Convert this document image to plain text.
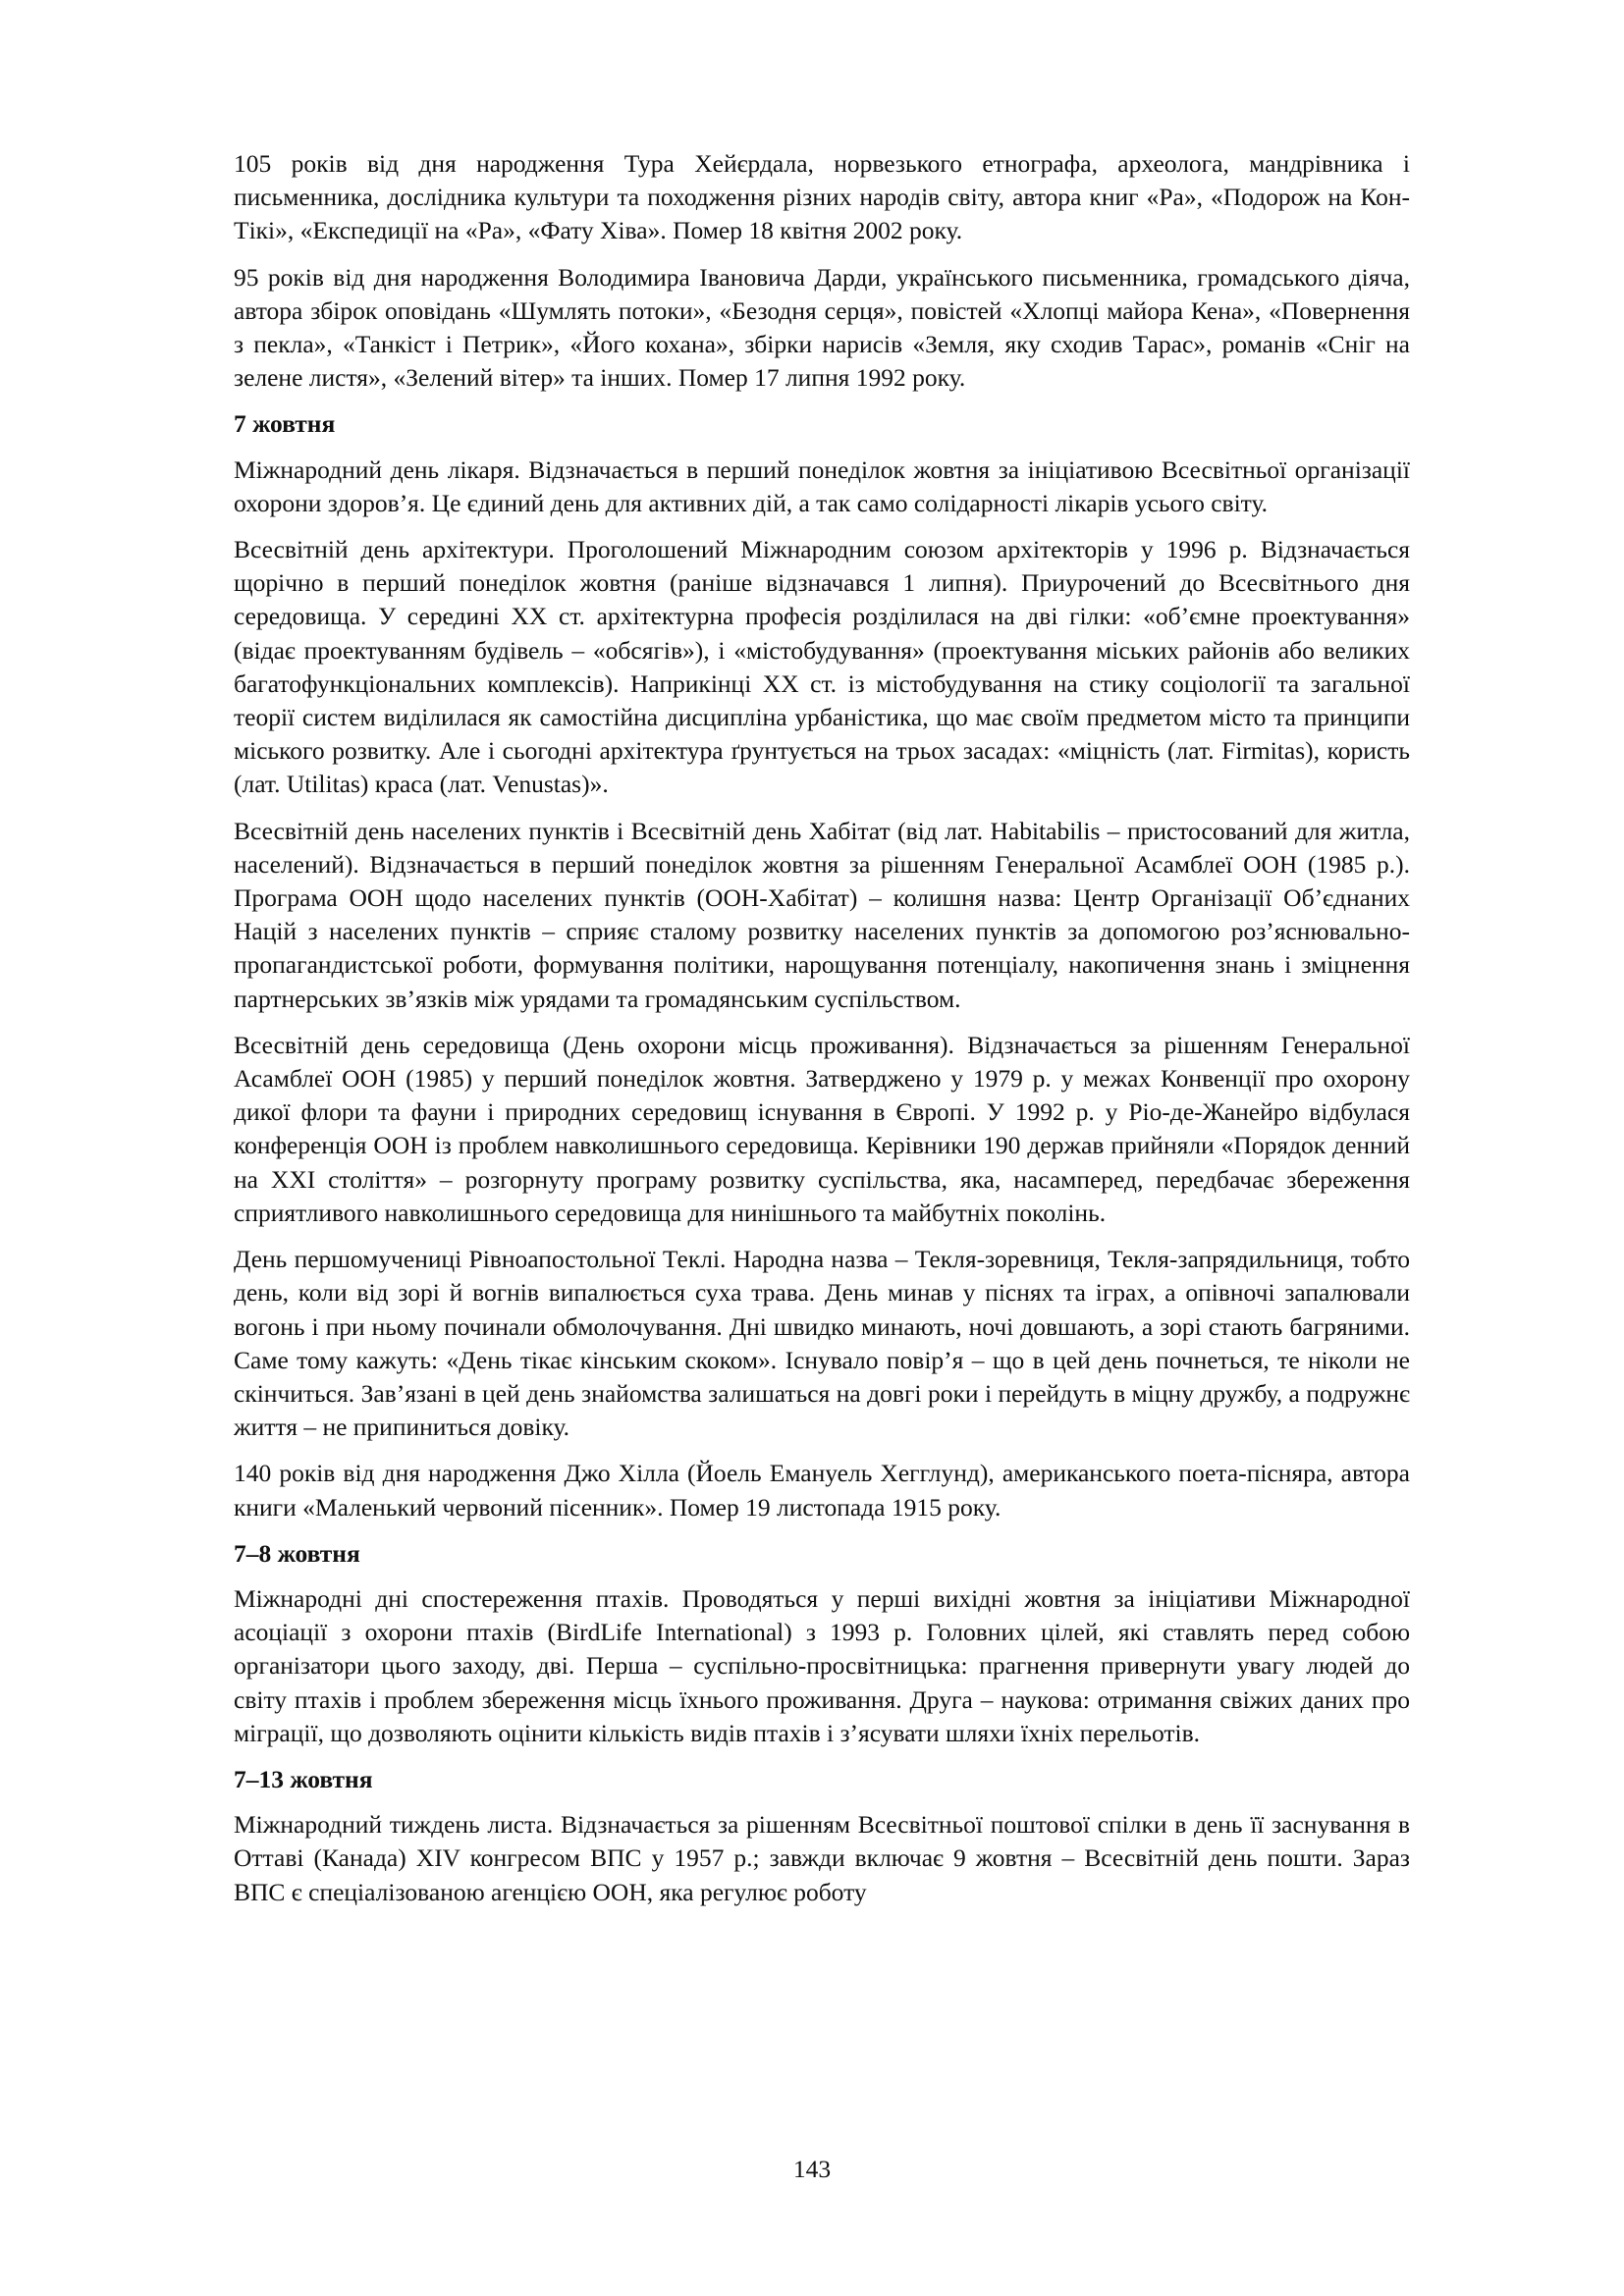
105 років від дня народження Тура Хейєрдала, норвезького етнографа, археолога, мандрівника і письменника, дослідника культури та походження різних народів світу, автора книг «Ра», «Подорож на Кон-Тікі», «Експедиції на «Ра», «Фату Хіва». Помер 18 квітня 2002 року.

95 років від дня народження Володимира Івановича Дарди, українського письменника, громадського діяча, автора збірок оповідань «Шумлять потоки», «Безодня серця», повістей «Хлопці майора Кена», «Повернення з пекла», «Танкіст і Петрик», «Його кохана», збірки нарисів «Земля, яку сходив Тарас», романів «Сніг на зелене листя», «Зелений вітер» та інших. Помер 17 липня 1992 року.

7 жовтня

Міжнародний день лікаря. Відзначається в перший понеділок жовтня за ініціативою Всесвітньої організації охорони здоров’я. Це єдиний день для активних дій, а так само солідарності лікарів усього світу.

Всесвітній день архітектури. Проголошений Міжнародним союзом архітекторів у 1996 р. Відзначається щорічно в перший понеділок жовтня (раніше відзначався 1 липня). Приурочений до Всесвітнього дня середовища. У середині XX ст. архітектурна професія розділилася на дві гілки: «об’ємне проектування» (відає проектуванням будівель – «обсягів»), і «містобудування» (проектування міських районів або великих багатофункціональних комплексів). Наприкінці XX ст. із містобудування на стику соціології та загальної теорії систем виділилася як самостійна дисципліна урбаністика, що має своїм предметом місто та принципи міського розвитку. Але і сьогодні архітектура ґрунтується на трьох засадах: «міцність (лат. Firmitas), користь (лат. Utilitas) краса (лат. Venustas)».

Всесвітній день населених пунктів і Всесвітній день Хабітат (від лат. Habitabilis – пристосований для житла, населений). Відзначається в перший понеділок жовтня за рішенням Генеральної Асамблеї ООН (1985 р.). Програма ООН щодо населених пунктів (ООН-Хабітат) – колишня назва: Центр Організації Об’єднаних Націй з населених пунктів – сприяє сталому розвитку населених пунктів за допомогою роз’яснювально-пропагандистської роботи, формування політики, нарощування потенціалу, накопичення знань і зміцнення партнерських зв’язків між урядами та громадянським суспільством.

Всесвітній день середовища (День охорони місць проживання). Відзначається за рішенням Генеральної Асамблеї ООН (1985) у перший понеділок жовтня. Затверджено у 1979 р. у межах Конвенції про охорону дикої флори та фауни і природних середовищ існування в Європі. У 1992 р. у Ріо-де-Жанейро відбулася конференція ООН із проблем навколишнього середовища. Керівники 190 держав прийняли «Порядок денний на XXI століття» – розгорнуту програму розвитку суспільства, яка, насамперед, передбачає збереження сприятливого навколишнього середовища для нинішнього та майбутніх поколінь.

День першомучениці Рівноапостольної Теклі. Народна назва – Текля-зоревниця, Текля-запрядильниця, тобто день, коли від зорі й вогнів випалюється суха трава. День минав у піснях та іграх, а опівночі запалювали вогонь і при ньому починали обмолочування. Дні швидко минають, ночі довшають, а зорі стають багряними. Саме тому кажуть: «День тікає кінським скоком». Існувало повір’я – що в цей день почнеться, те ніколи не скінчиться. Зав’язані в цей день знайомства залишаться на довгі роки і перейдуть в міцну дружбу, а подружнє життя – не припиниться довіку.

140 років від дня народження Джо Хілла (Йоель Емануель Хегглунд), американського поета-пісняра, автора книги «Маленький червоний пісенник». Помер 19 листопада 1915 року.

7–8 жовтня

Міжнародні дні спостереження птахів. Проводяться у перші вихідні жовтня за ініціативи Міжнародної асоціації з охорони птахів (BirdLife International) з 1993 р. Головних цілей, які ставлять перед собою організатори цього заходу, дві. Перша – суспільно-просвітницька: прагнення привернути увагу людей до світу птахів і проблем збереження місць їхнього проживання. Друга – наукова: отримання свіжих даних про міграції, що дозволяють оцінити кількість видів птахів і з’ясувати шляхи їхніх перельотів.

7–13 жовтня

Міжнародний тиждень листа. Відзначається за рішенням Всесвітньої поштової спілки в день її заснування в Оттаві (Канада) XIV конгресом ВПС у 1957 р.; завжди включає 9 жовтня – Всесвітній день пошти. Зараз ВПС є спеціалізованою агенцією ООН, яка регулює роботу

143
